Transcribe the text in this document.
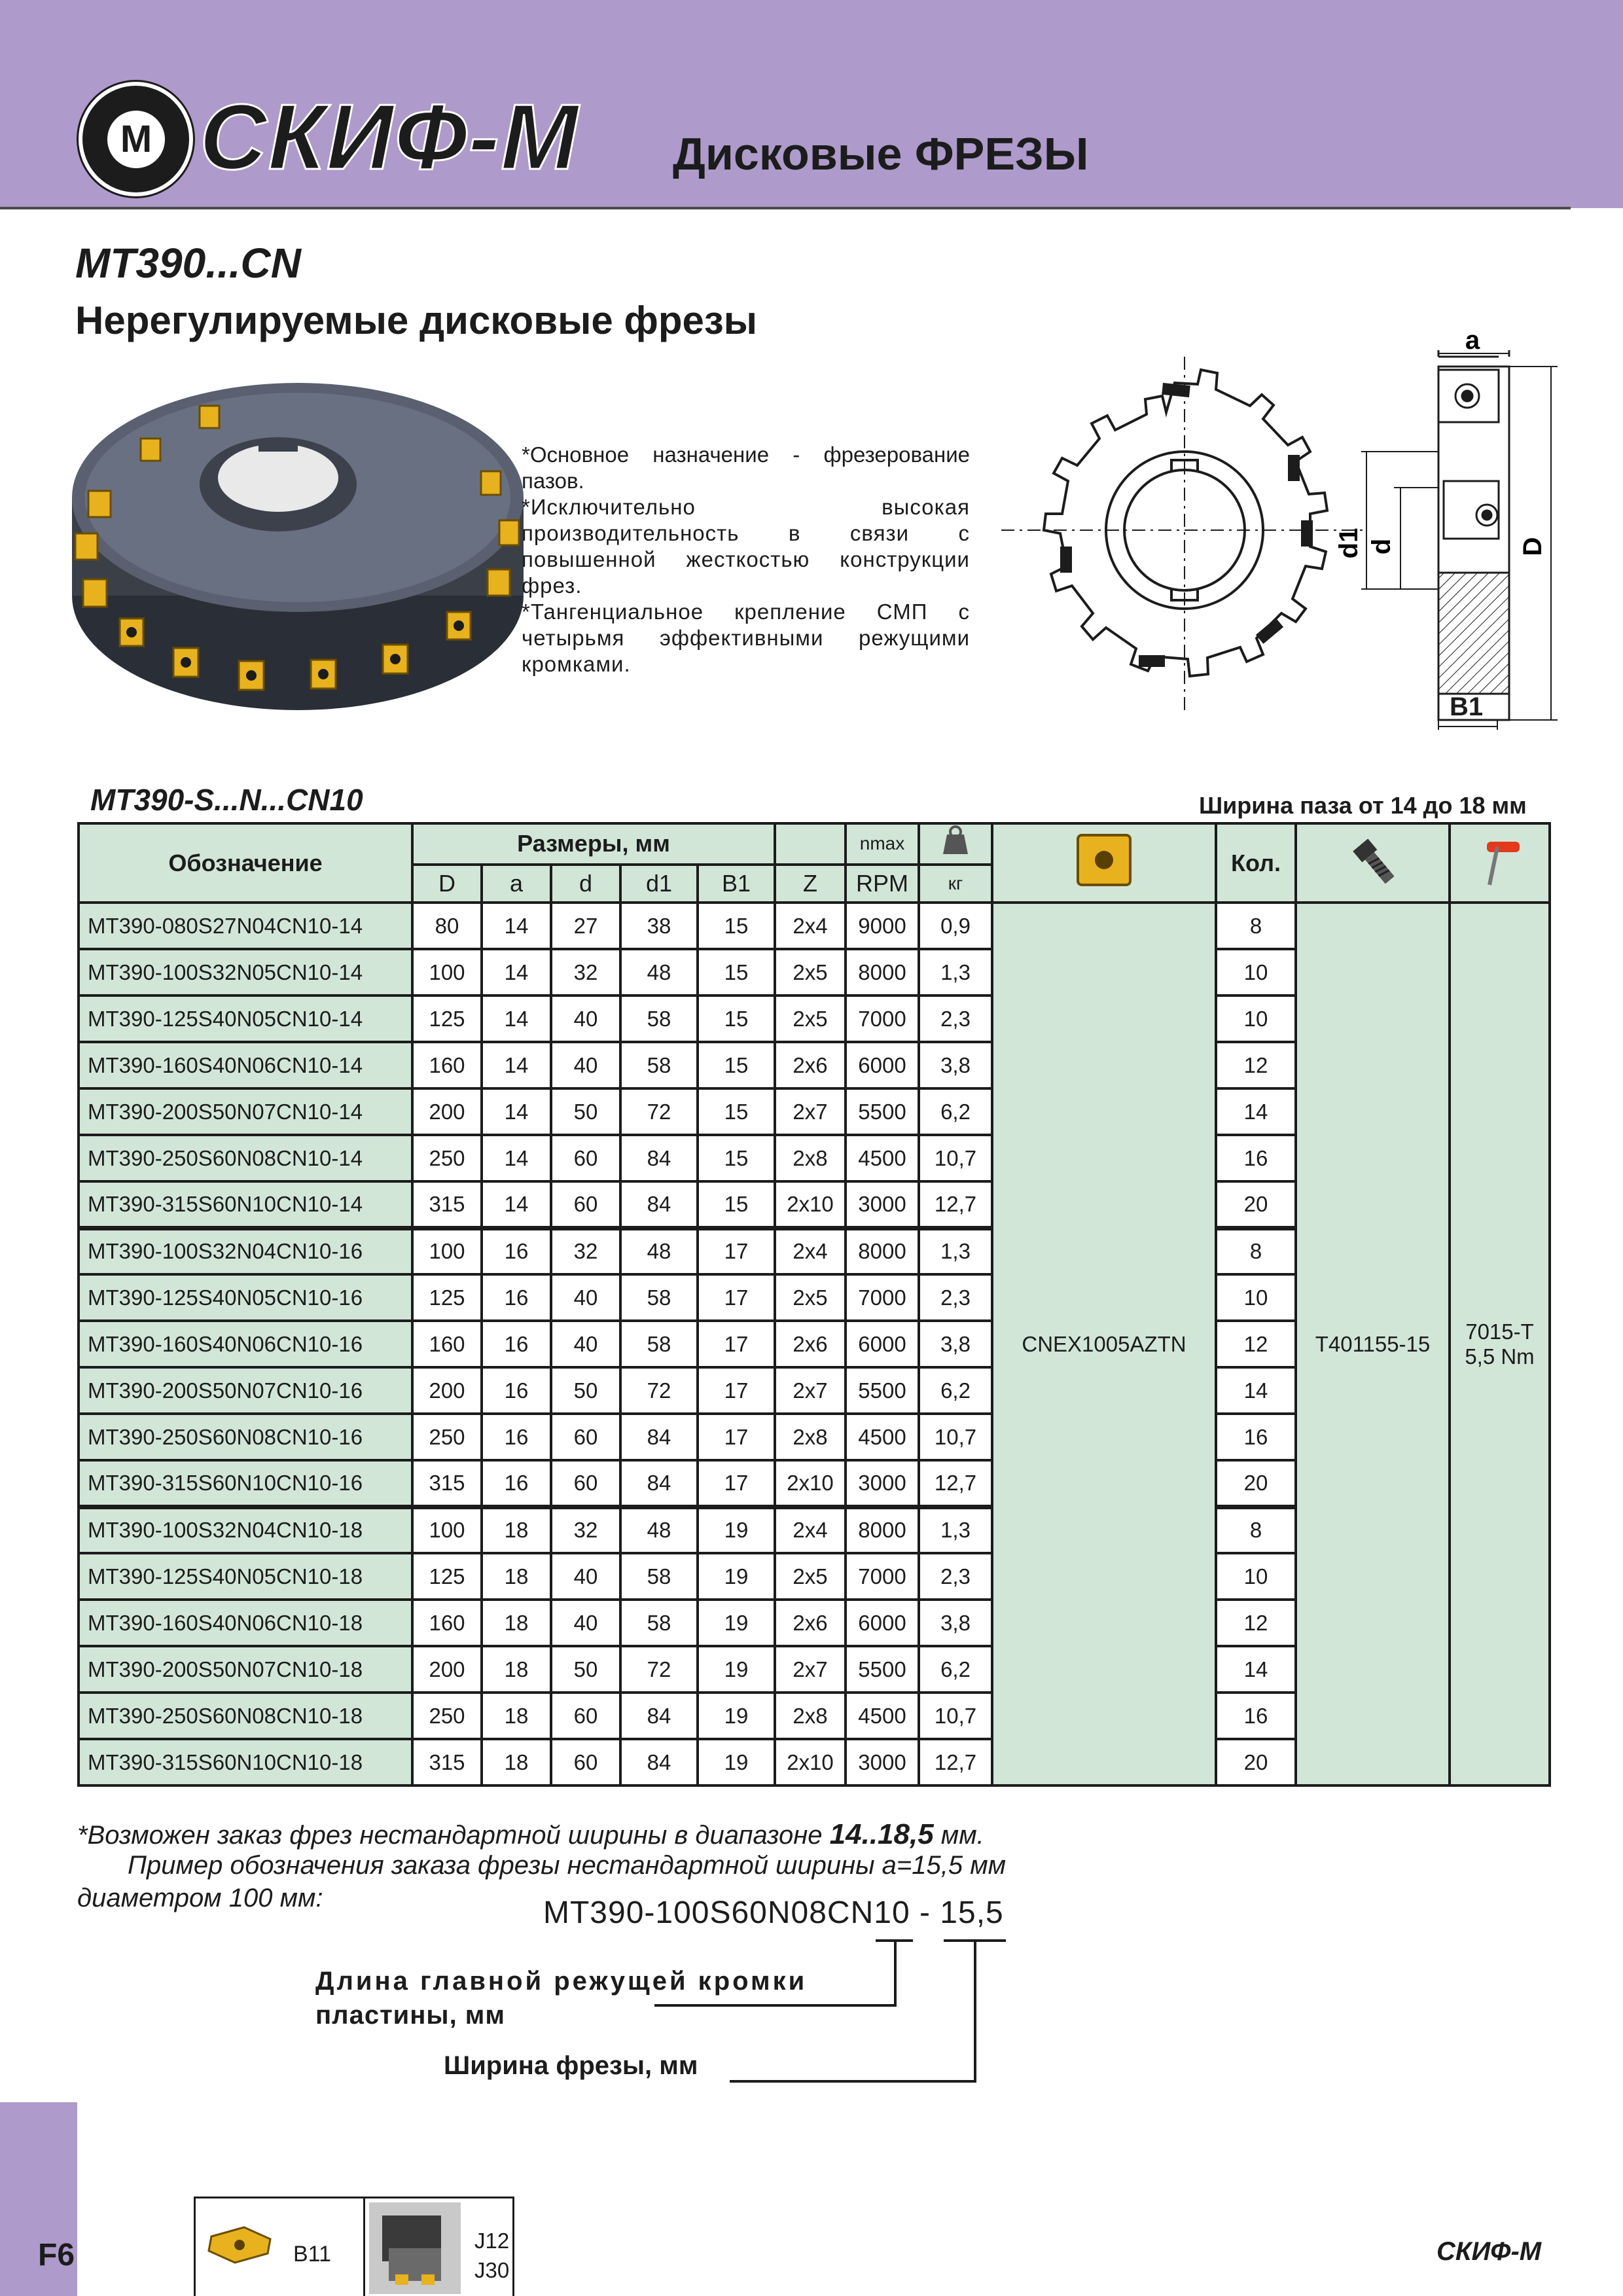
М СКИФ-М Дисковые ФРЕЗЫ
MT390...CN
Нерегулируемые дисковые фрезы

*Основное назначение - фрезерование пазов.

*Исключительно высокая производительность в связи с повышенной жесткостью конструкции фрез.

*Тангенциальное крепление СМП с четырьмя эффективными режущими кромками.

a
d1 d	D
B1
MT390-S...N...CN10	Ширина паза от 14 до 18 мм
Обозначение	Размеры, мм						nmax			Кол.		
	D	a	d	d1	B1	Z	RPM	кг				
MT390-080S27N04CN10-14	80	14	27	38	15	2x4	9000	0,9	CNEX1005AZTN	8	T401155-15	7015-T
5,5 Nm

MT390-100S32N05CN10-14	100	14	32	48	15	2x5	8000	1,3		10		
MT390-125S40N05CN10-14	125	14	40	58	15	2x5	7000	2,3		10		
MT390-160S40N06CN10-14	160	14	40	58	15	2x6	6000	3,8		12		
MT390-200S50N07CN10-14	200	14	50	72	15	2x7	5500	6,2		14		
MT390-250S60N08CN10-14	250	14	60	84	15	2x8	4500	10,7		16		
MT390-315S60N10CN10-14	315	14	60	84	15	2x10	3000	12,7		20		
MT390-100S32N04CN10-16	100	16	32	48	17	2x4	8000	1,3		8		
MT390-125S40N05CN10-16	125	16	40	58	17	2x5	7000	2,3		10		
MT390-160S40N06CN10-16	160	16	40	58	17	2x6	6000	3,8		12		
MT390-200S50N07CN10-16	200	16	50	72	17	2x7	5500	6,2		14		
MT390-250S60N08CN10-16	250	16	60	84	17	2x8	4500	10,7		16		
MT390-315S60N10CN10-16	315	16	60	84	17	2x10	3000	12,7		20		
MT390-100S32N04CN10-18	100	18	32	48	19	2x4	8000	1,3		8		
MT390-125S40N05CN10-18	125	18	40	58	19	2x5	7000	2,3		10		
MT390-160S40N06CN10-18	160	18	40	58	19	2x6	6000	3,8		12		
MT390-200S50N07CN10-18	200	18	50	72	19	2x7	5500	6,2		14		
MT390-250S60N08CN10-18	250	18	60	84	19	2x8	4500	10,7		16		
MT390-315S60N10CN10-18	315	18	60	84	19	2x10	3000	12,7		20		
*Возможен заказ фрез нестандартной ширины в диапазоне 14..18,5 мм.
Пример обозначения заказа фрезы нестандартной ширины a=15,5 мм
диаметром 100 мм:	MT390-100S60N08CN10 - 15,5
Длина главной режущей кромки
пластины, мм
Ширина фрезы, мм
F6	B11
J12
J30
СКИФ-М
